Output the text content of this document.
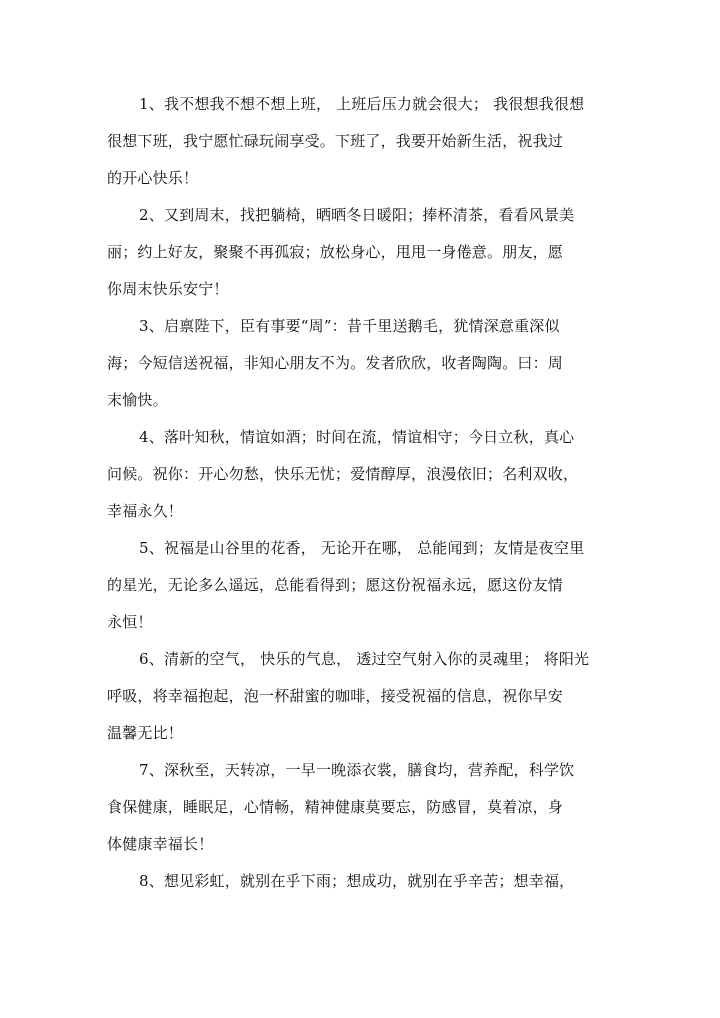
1、我不想我不想不想上班， 上班后压力就会很大； 我很想我很想
很想下班，我宁愿忙碌玩闹享受。下班了，我要开始新生活，祝我过
的开心快乐！
2、又到周末，找把躺椅，晒晒冬日暖阳；捧杯清茶，看看风景美
丽；约上好友，聚聚不再孤寂；放松身心，甩甩一身倦意。朋友，愿
你周末快乐安宁！
3、启禀陛下，臣有事要“周”：昔千里送鹅毛，犹情深意重深似
海；今短信送祝福，非知心朋友不为。发者欣欣，收者陶陶。曰：周
末愉快。
4、落叶知秋，情谊如酒；时间在流，情谊相守；今日立秋，真心
问候。祝你：开心勿愁，快乐无忧；爱情醇厚，浪漫依旧；名利双收，
幸福永久！
5、祝福是山谷里的花香， 无论开在哪， 总能闻到；友情是夜空里
的星光，无论多么遥远，总能看得到；愿这份祝福永远，愿这份友情
永恒！
6、清新的空气， 快乐的气息， 透过空气射入你的灵魂里； 将阳光
呼吸，将幸福抱起，泡一杯甜蜜的咖啡，接受祝福的信息，祝你早安
温馨无比！
7、深秋至，天转凉，一早一晚添衣裳，膳食均，营养配，科学饮
食保健康，睡眠足，心情畅，精神健康莫要忘，防感冒，莫着凉，身
体健康幸福长！
8、想见彩虹，就别在乎下雨；想成功，就别在乎辛苦；想幸福，
